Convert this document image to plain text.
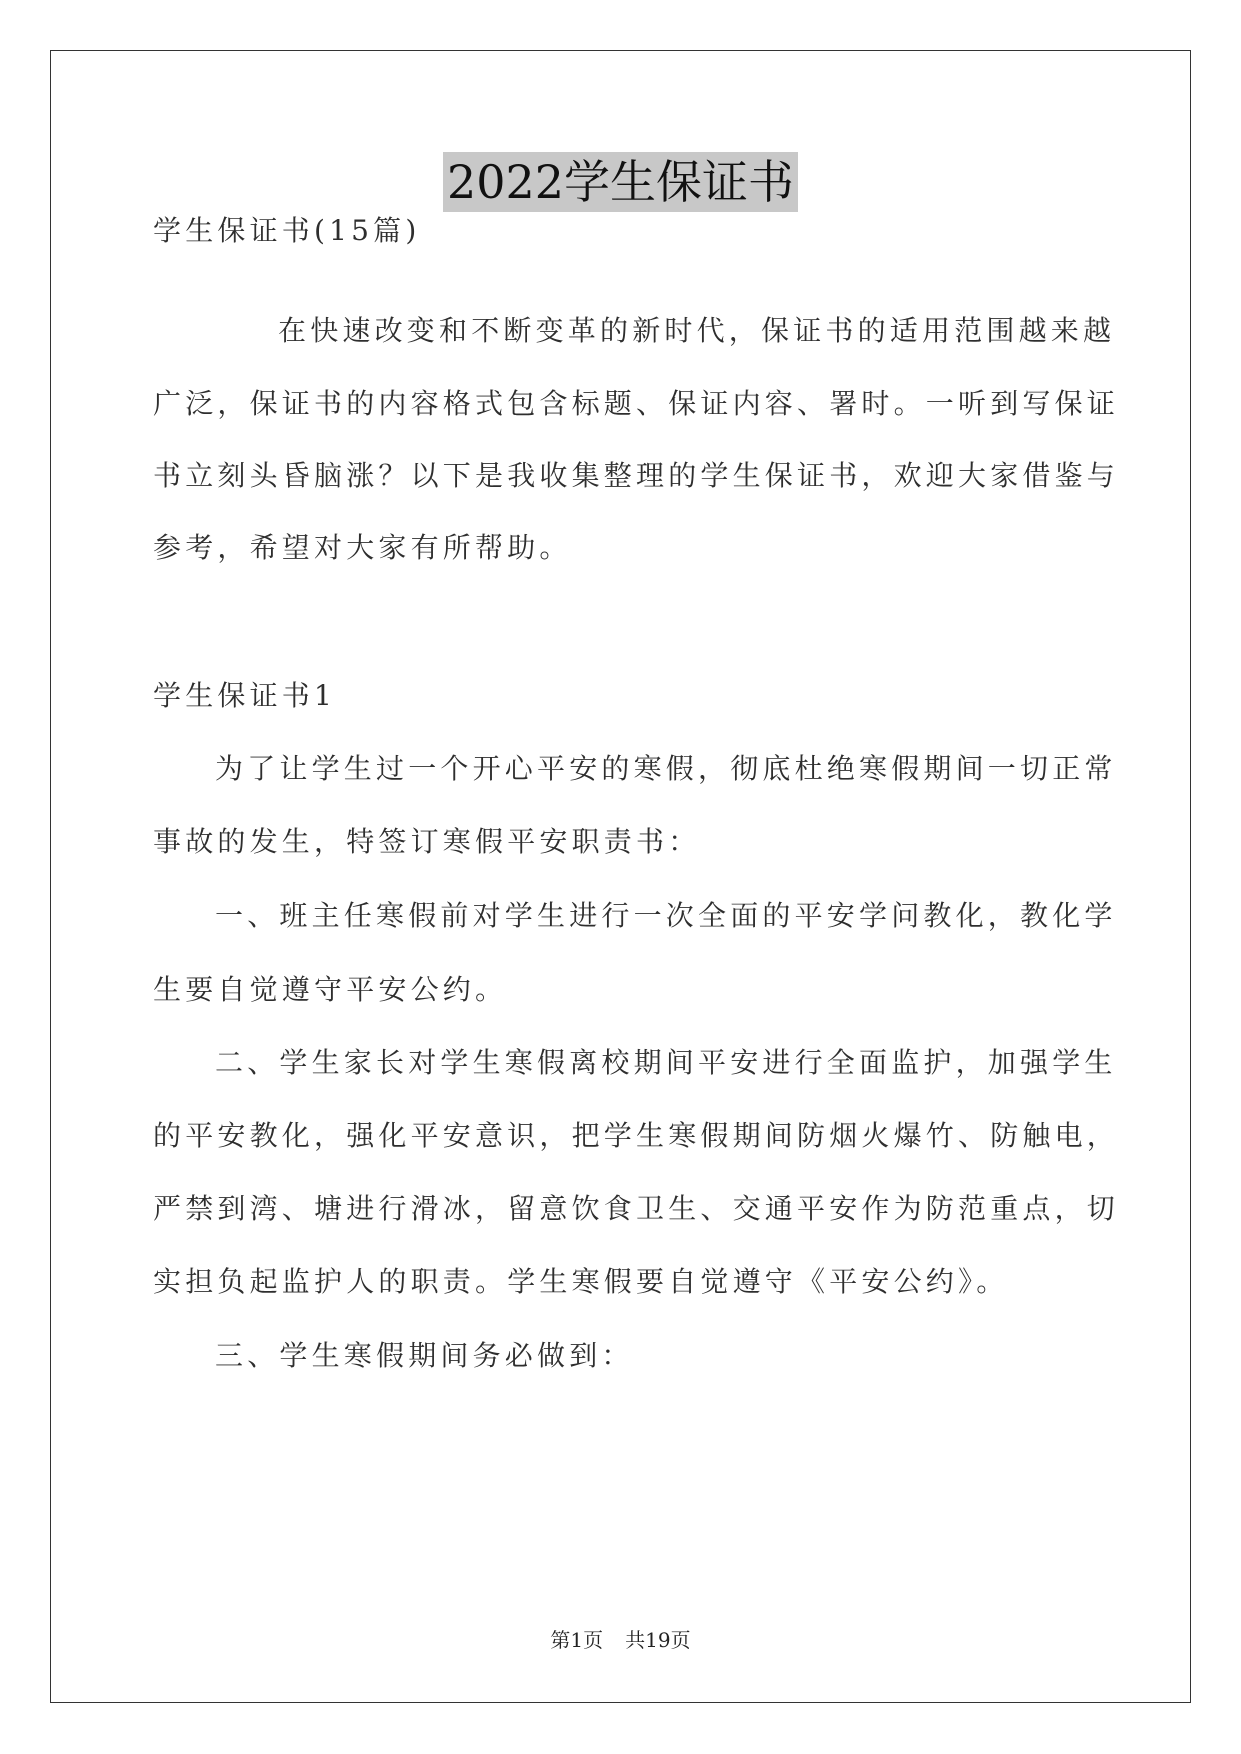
2022学生保证书
学生保证书(15篇)
在快速改变和不断变革的新时代，保证书的适用范围越来越
广泛，保证书的内容格式包含标题、保证内容、署时。一听到写保证
书立刻头昏脑涨？以下是我收集整理的学生保证书，欢迎大家借鉴与
参考，希望对大家有所帮助。
学生保证书1
为了让学生过一个开心平安的寒假，彻底杜绝寒假期间一切正常
事故的发生，特签订寒假平安职责书：
一、班主任寒假前对学生进行一次全面的平安学问教化，教化学
生要自觉遵守平安公约。
二、学生家长对学生寒假离校期间平安进行全面监护，加强学生
的平安教化，强化平安意识，把学生寒假期间防烟火爆竹、防触电，
严禁到湾、塘进行滑冰，留意饮食卫生、交通平安作为防范重点，切
实担负起监护人的职责。学生寒假要自觉遵守《平安公约》。
三、学生寒假期间务必做到：
第1页 共19页
